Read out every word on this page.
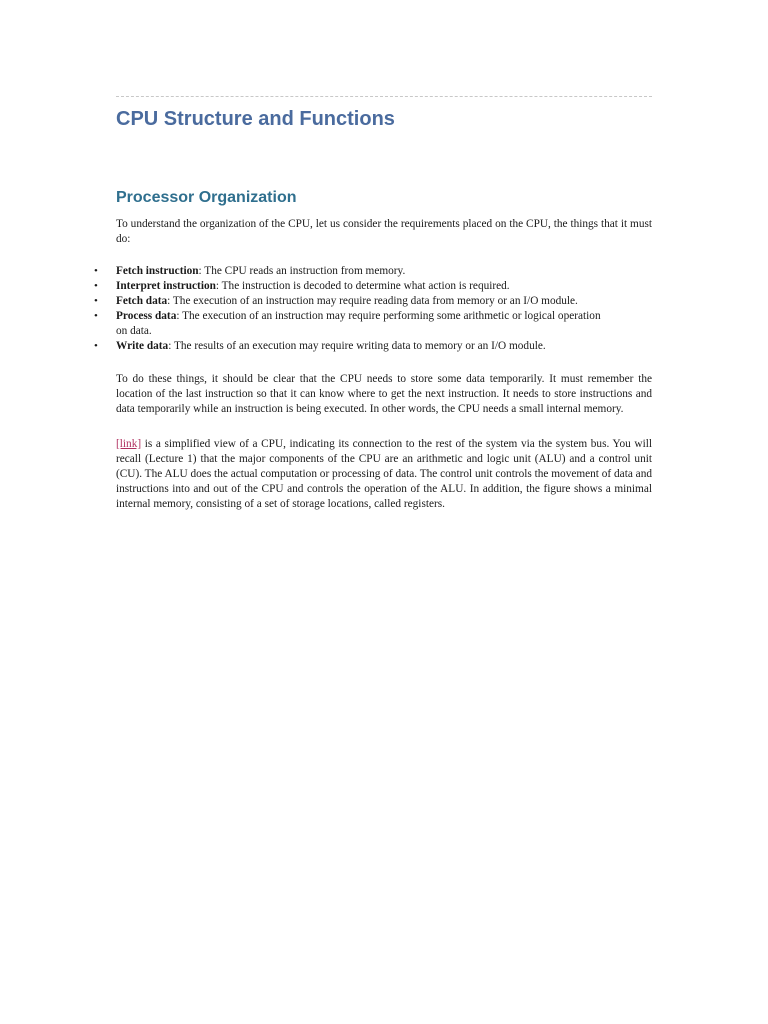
CPU Structure and Functions
Processor Organization

To understand the organization of the CPU, let us consider the requirements placed on the CPU, the things that it must do:

•	Fetch instruction: The CPU reads an instruction from memory.
•	Interpret instruction: The instruction is decoded to determine what action is required.
•	Fetch data: The execution of an instruction may require reading data from memory or an I/O module.
•	Process data: The execution of an instruction may require performing some arithmetic or logical operation on data.
•	Write data: The results of an execution may require writing data to memory or an I/O module.

To do these things, it should be clear that the CPU needs to store some data temporarily. It must remember the location of the last instruction so that it can know where to get the next instruction. It needs to store instructions and data temporarily while an instruction is being executed. In other words, the CPU needs a small internal memory.

[link] is a simplified view of a CPU, indicating its connection to the rest of the system via the system bus. You will recall (Lecture 1) that the major components of the CPU are an arithmetic and logic unit (ALU) and a control unit (CU). The ALU does the actual computation or processing of data. The control unit controls the movement of data and instructions into and out of the CPU and controls the operation of the ALU. In addition, the figure shows a minimal internal memory, consisting of a set of storage locations, called registers.
